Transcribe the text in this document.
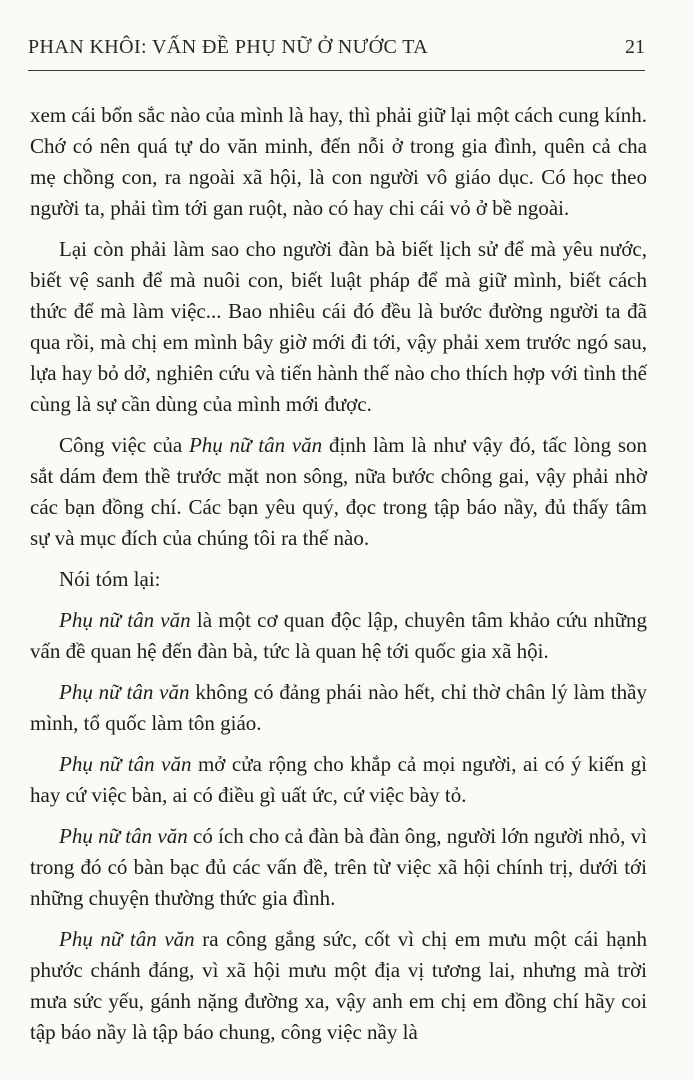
PHAN KHÔI: VẤN ĐỀ PHỤ NỮ Ở NƯỚC TA	21

xem cái bổn sắc nào của mình là hay, thì phải giữ lại một cách cung kính. Chớ có nên quá tự do văn minh, đến nỗi ở trong gia đình, quên cả cha mẹ chồng con, ra ngoài xã hội, là con người vô giáo dục. Có học theo người ta, phải tìm tới gan ruột, nào có hay chi cái vỏ ở bề ngoài.

Lại còn phải làm sao cho người đàn bà biết lịch sử để mà yêu nước, biết vệ sanh để mà nuôi con, biết luật pháp để mà giữ mình, biết cách thức để mà làm việc... Bao nhiêu cái đó đều là bước đường người ta đã qua rồi, mà chị em mình bây giờ mới đi tới, vậy phải xem trước ngó sau, lựa hay bỏ dở, nghiên cứu và tiến hành thế nào cho thích hợp với tình thế cùng là sự cần dùng của mình mới được.

Công việc của Phụ nữ tân văn định làm là như vậy đó, tấc lòng son sắt dám đem thề trước mặt non sông, nữa bước chông gai, vậy phải nhờ các bạn đồng chí. Các bạn yêu quý, đọc trong tập báo nầy, đủ thấy tâm sự và mục đích của chúng tôi ra thế nào.

Nói tóm lại:

Phụ nữ tân văn là một cơ quan độc lập, chuyên tâm khảo cứu những vấn đề quan hệ đến đàn bà, tức là quan hệ tới quốc gia xã hội.

Phụ nữ tân văn không có đảng phái nào hết, chỉ thờ chân lý làm thầy mình, tổ quốc làm tôn giáo.

Phụ nữ tân văn mở cửa rộng cho khắp cả mọi người, ai có ý kiến gì hay cứ việc bàn, ai có điều gì uất ức, cứ việc bày tỏ.

Phụ nữ tân văn có ích cho cả đàn bà đàn ông, người lớn người nhỏ, vì trong đó có bàn bạc đủ các vấn đề, trên từ việc xã hội chính trị, dưới tới những chuyện thường thức gia đình.

Phụ nữ tân văn ra công gắng sức, cốt vì chị em mưu một cái hạnh phước chánh đáng, vì xã hội mưu một địa vị tương lai, nhưng mà trời mưa sức yếu, gánh nặng đường xa, vậy anh em chị em đồng chí hãy coi tập báo nầy là tập báo chung, công việc nầy là
